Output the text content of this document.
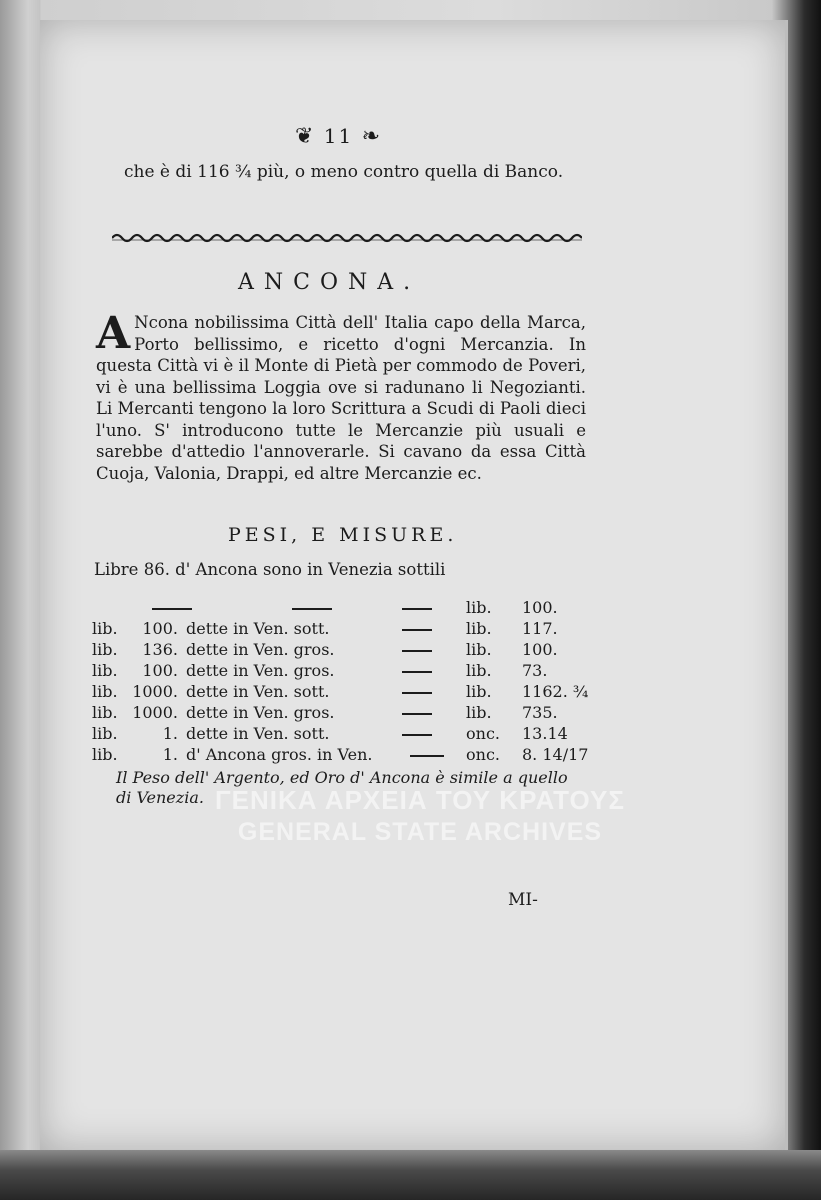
❦ 11 ❧
che è di 116 ¾ più, o meno contro quella di Banco.
ANCONA.
A Ncona nobilissima Città dell' Italia capo della Marca, Porto bellissimo, e ricetto d'ogni Mercanzia. In questa Città vi è il Monte di Pietà per commodo de Poveri, vi è una bellissima Loggia ove si radunano li Negozianti. Li Mercanti tengono la loro Scrittura a Scudi di Paoli dieci l'uno. S' introducono tutte le Mercanzie più usuali e sarebbe d'attedio l'annoverarle. Si cavano da essa Città Cuoja, Valonia, Drappi, ed altre Mercanzie ec.
PESI, E MISURE.
Libre 86. d' Ancona sono in Venezia sottili
lib. 100.
lib.	100. dette in Ven. sott.	lib. 117.
lib.	136. dette in Ven. gros.	lib. 100.
lib.	100. dette in Ven. gros.	lib. 73.
lib. 1000. dette in Ven. sott.	lib. 1162. ¾
lib. 1000. dette in Ven. gros.	lib. 735.
lib.	1. dette in Ven. sott.	onc. 13.14
lib.	1. d' Ancona gros. in Ven.	onc. 8. 14/17
Il Peso dell' Argento, ed Oro d' Ancona è simile a quello di Venezia. ΓΕΝΙΚΑ ΑΡΧΕΙΑ ΤΟΥ ΚΡΑΤΟΥΣ
GENERAL STATE ARCHIVES
MI-
